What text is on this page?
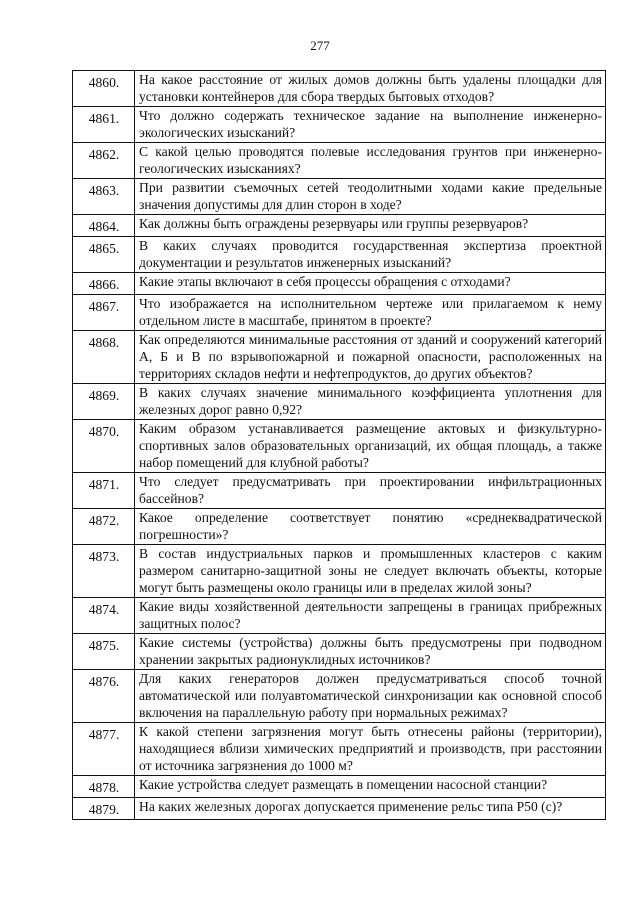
277
4860.	На какое расстояние от жилых домов должны быть удалены площадки для установки контейнеров для сбора твердых бытовых отходов?
4861.	Что должно содержать техническое задание на выполнение инженерно-экологических изысканий?
4862.	С какой целью проводятся полевые исследования грунтов при инженерно-геологических изысканиях?
4863.	При развитии съемочных сетей теодолитными ходами какие предельные значения допустимы для длин сторон в ходе?
4864.	Как должны быть ограждены резервуары или группы резервуаров?
4865.	В каких случаях проводится государственная экспертиза проектной документации и результатов инженерных изысканий?
4866.	Какие этапы включают в себя процессы обращения с отходами?
4867.	Что изображается на исполнительном чертеже или прилагаемом к нему отдельном листе в масштабе, принятом в проекте?
4868.	Как определяются минимальные расстояния от зданий и сооружений категорий А, Б и В по взрывопожарной и пожарной опасности, расположенных на территориях складов нефти и нефтепродуктов, до других объектов?
4869.	В каких случаях значение минимального коэффициента уплотнения для железных дорог равно 0,92?
4870.	Каким образом устанавливается размещение актовых и физкультурно-спортивных залов образовательных организаций, их общая площадь, а также набор помещений для клубной работы?
4871.	Что следует предусматривать при проектировании инфильтрационных бассейнов?
4872.	Какое определение соответствует понятию «среднеквадратической погрешности»?
4873.	В состав индустриальных парков и промышленных кластеров с каким размером санитарно-защитной зоны не следует включать объекты, которые могут быть размещены около границы или в пределах жилой зоны?
4874.	Какие виды хозяйственной деятельности запрещены в границах прибрежных защитных полос?
4875.	Какие системы (устройства) должны быть предусмотрены при подводном хранении закрытых радионуклидных источников?
4876.	Для каких генераторов должен предусматриваться способ точной автоматической или полуавтоматической синхронизации как основной способ включения на параллельную работу при нормальных режимах?
4877.	К какой степени загрязнения могут быть отнесены районы (территории), находящиеся вблизи химических предприятий и производств, при расстоянии от источника загрязнения до 1000 м?
4878.	Какие устройства следует размещать в помещении насосной станции?
4879.	На каких железных дорогах допускается применение рельс типа Р50 (с)?
